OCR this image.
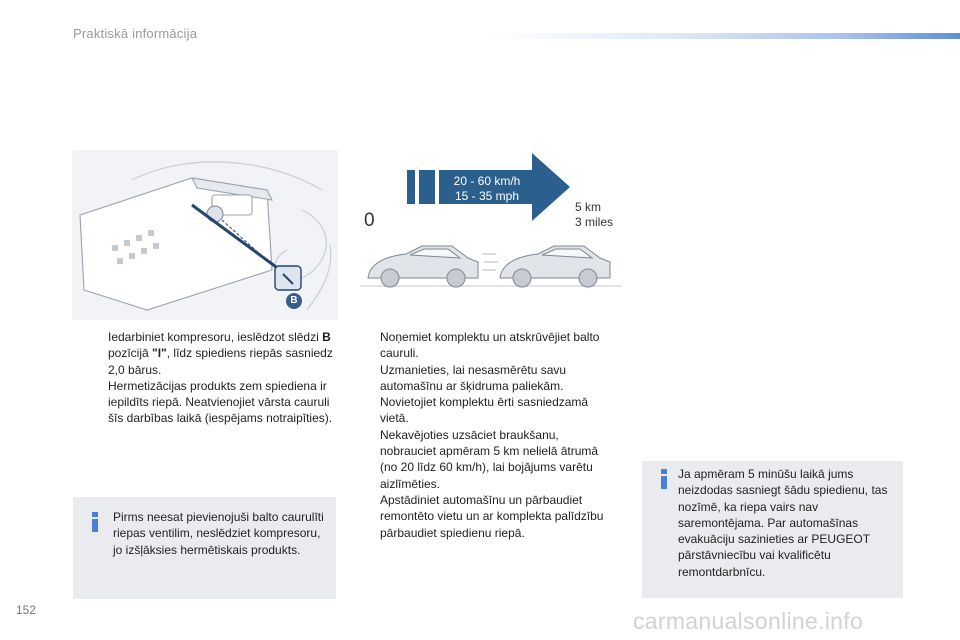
Praktiskā informācija
B
20 - 60 km/h
15 - 35 mph
0
5 km
3 miles
Iedarbiniet kompresoru, ieslēdzot slēdzi B
pozīcijā "I", līdz spiediens riepās sasniedz 2,0 bārus.
Hermetizācijas produkts zem spiediena ir iepildīts riepā. Neatvienojiet vārsta cauruli šīs darbības laikā (iespējams notraipīties).
Noņemiet komplektu un atskrūvējiet balto cauruli.
Uzmanieties, lai nesasmērētu savu automašīnu ar šķidruma paliekām. Novietojiet komplektu ērti sasniedzamā vietā.
Nekavējoties uzsāciet braukšanu, nobrauciet apmēram 5 km nelielā ātrumā (no 20 līdz 60 km/h), lai bojājums varētu aizlīmēties.
Apstādiniet automašīnu un pārbaudiet remontēto vietu un ar komplekta palīdzību pārbaudiet spiedienu riepā.
Pirms neesat pievienojuši balto caurulīti riepas ventilim, neslēdziet kompresoru, jo izšļāksies hermētiskais produkts.
Ja apmēram 5 minūšu laikā jums neizdodas sasniegt šādu spiedienu, tas nozīmē, ka riepa vairs nav saremontējama. Par automašīnas evakuāciju sazinieties ar PEUGEOT pārstāvniecību vai kvalificētu remontdarbnīcu.
152	carmanualsonline.info
